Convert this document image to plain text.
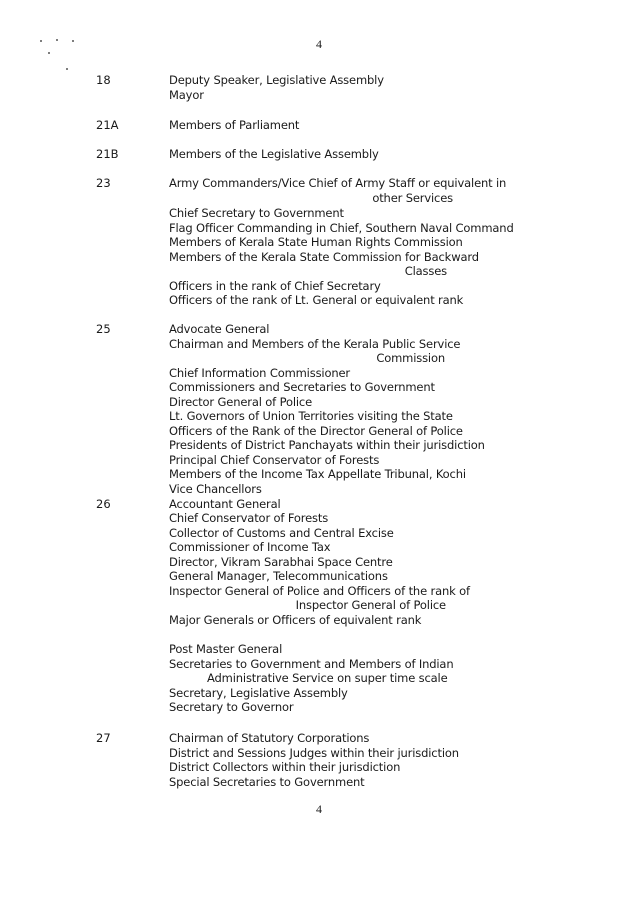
4
18	Deputy Speaker, Legislative Assembly
Mayor
21A	Members of Parliament
21B	Members of the Legislative Assembly
23	Army Commanders/Vice Chief of Army Staff or equivalent in
other Services
Chief Secretary to Government
Flag Officer Commanding in Chief, Southern Naval Command
Members of Kerala State Human Rights Commission
Members of the Kerala State Commission for Backward
Classes
Officers in the rank of Chief Secretary
Officers of the rank of Lt. General or equivalent rank
25	Advocate General
Chairman and Members of the Kerala Public Service
Commission
Chief Information Commissioner
Commissioners and Secretaries to Government
Director General of Police
Lt. Governors of Union Territories visiting the State
Officers of the Rank of the Director General of Police
Presidents of District Panchayats within their jurisdiction
Principal Chief Conservator of Forests
Members of the Income Tax Appellate Tribunal, Kochi
Vice Chancellors
26	Accountant General
Chief Conservator of Forests
Collector of Customs and Central Excise
Commissioner of Income Tax
Director, Vikram Sarabhai Space Centre
General Manager, Telecommunications
Inspector General of Police and Officers of the rank of
Inspector General of Police
Major Generals or Officers of equivalent rank
Post Master General
Secretaries to Government and Members of Indian
Administrative Service on super time scale
Secretary, Legislative Assembly
Secretary to Governor
27	Chairman of Statutory Corporations
District and Sessions Judges within their jurisdiction
District Collectors within their jurisdiction
Special Secretaries to Government
4
